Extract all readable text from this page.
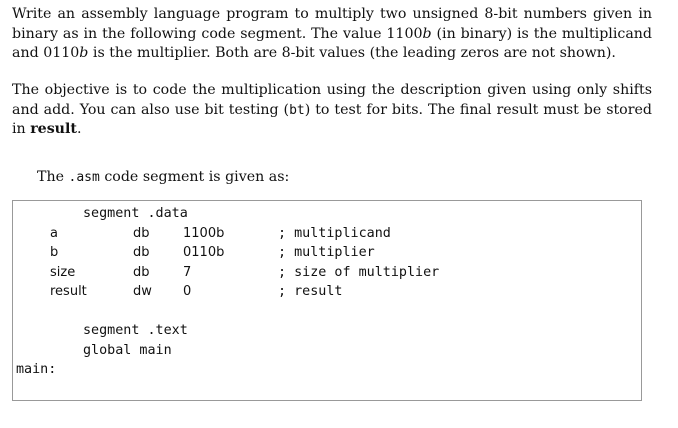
Write an assembly language program to multiply two unsigned 8-bit numbers given in binary as in the following code segment. The value 1100b (in binary) is the multiplicand and 0110b is the multiplier. Both are 8-bit values (the leading zeros are not shown).

The objective is to code the multiplication using the description given using only shifts and add. You can also use bit testing (bt) to test for bits. The final result must be stored in result.

The .asm code segment is given as:
segment .data
a	db	1100b	; multiplicand
b	db	0110b	; multiplier
size	db	7	; size of multiplier
result	dw 0	; result
segment .text
global main
main:
